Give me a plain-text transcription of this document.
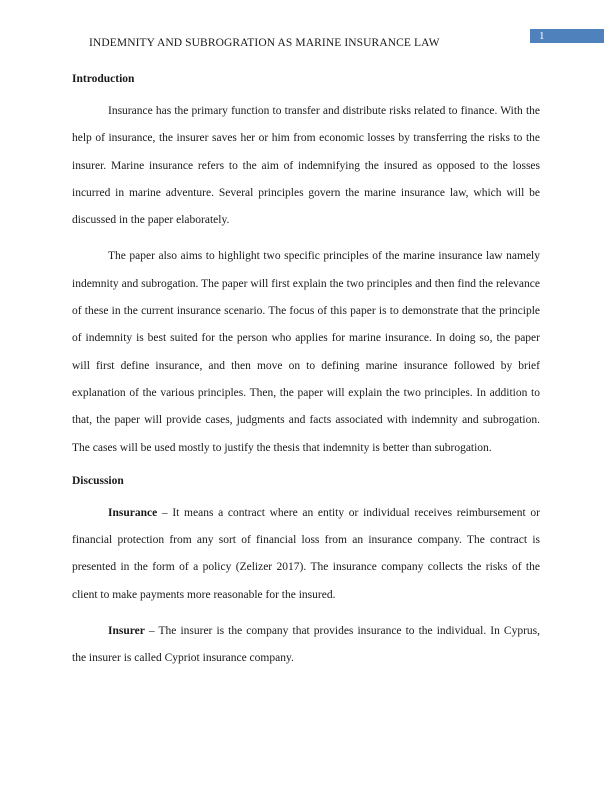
INDEMNITY AND SUBROGRATION AS MARINE INSURANCE LAW
1
Introduction

Insurance has the primary function to transfer and distribute risks related to finance. With the help of insurance, the insurer saves her or him from economic losses by transferring the risks to the insurer. Marine insurance refers to the aim of indemnifying the insured as opposed to the losses incurred in marine adventure. Several principles govern the marine insurance law, which will be discussed in the paper elaborately.

The paper also aims to highlight two specific principles of the marine insurance law namely indemnity and subrogation. The paper will first explain the two principles and then find the relevance of these in the current insurance scenario. The focus of this paper is to demonstrate that the principle of indemnity is best suited for the person who applies for marine insurance. In doing so, the paper will first define insurance, and then move on to defining marine insurance followed by brief explanation of the various principles. Then, the paper will explain the two principles. In addition to that, the paper will provide cases, judgments and facts associated with indemnity and subrogation. The cases will be used mostly to justify the thesis that indemnity is better than subrogation.

Discussion

Insurance – It means a contract where an entity or individual receives reimbursement or financial protection from any sort of financial loss from an insurance company. The contract is presented in the form of a policy (Zelizer 2017). The insurance company collects the risks of the client to make payments more reasonable for the insured.

Insurer – The insurer is the company that provides insurance to the individual. In Cyprus, the insurer is called Cypriot insurance company.
